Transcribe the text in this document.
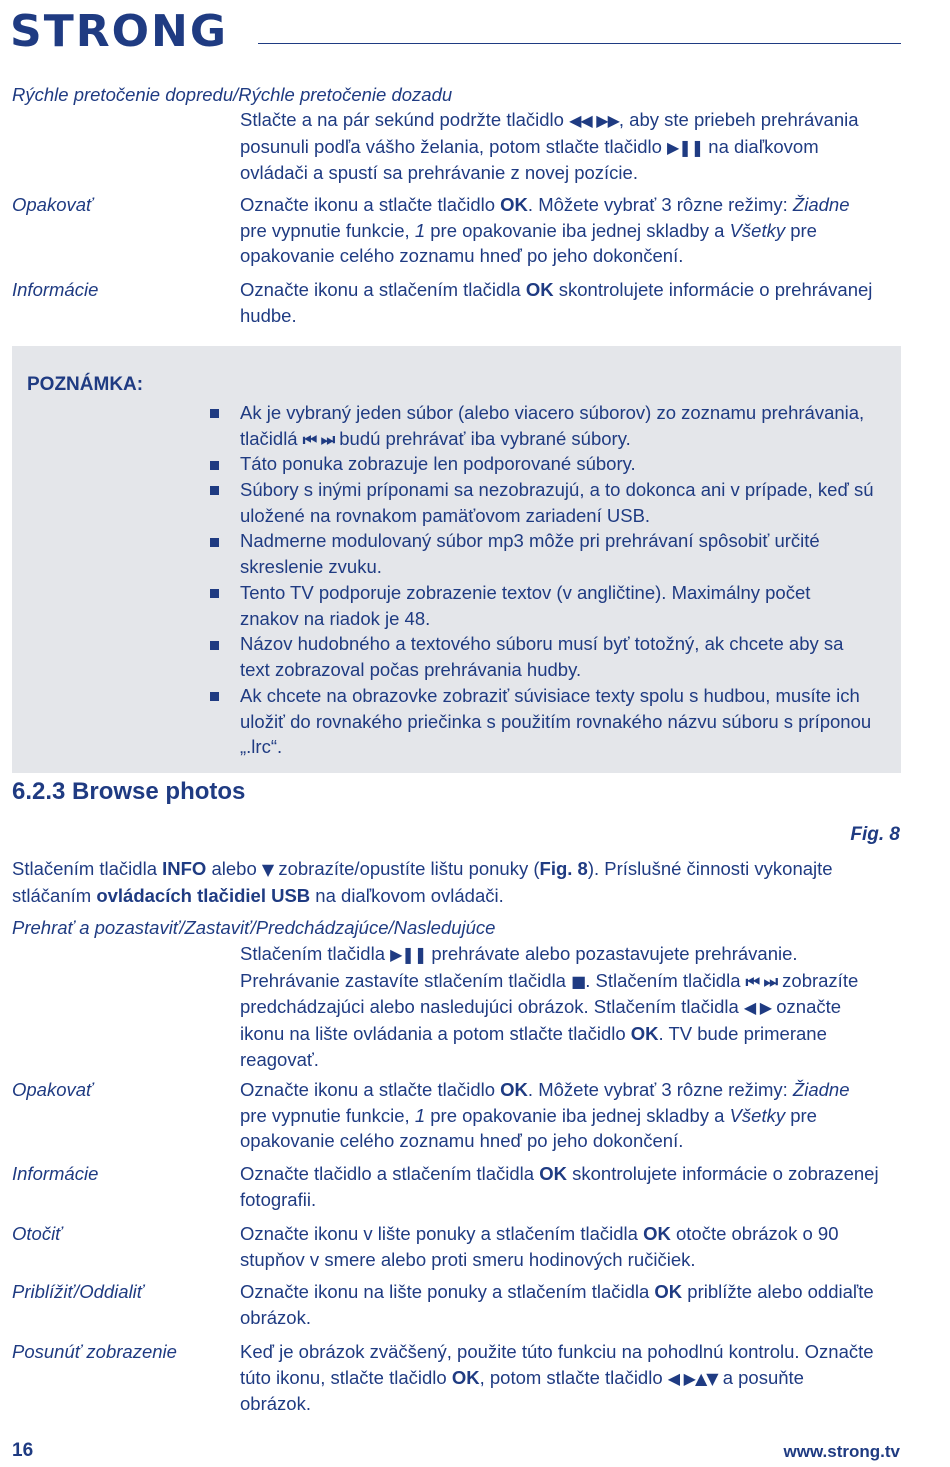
STRONG
Rýchle pretočenie dopredu/Rýchle pretočenie dozadu
Stlačte a na pár sekúnd podržte tlačidlo ◀◀ ▶▶, aby ste priebeh prehrávania
posunuli podľa vášho želania, potom stlačte tlačidlo ▶❚❚ na diaľkovom
ovládači a spustí sa prehrávanie z novej pozície.
Opakovať	Označte ikonu a stlačte tlačidlo OK. Môžete vybrať 3 rôzne režimy: Žiadne
pre vypnutie funkcie, 1 pre opakovanie iba jednej skladby a Všetky pre
opakovanie celého zoznamu hneď po jeho dokončení.
Informácie	Označte ikonu a stlačením tlačidla OK skontrolujete informácie o prehrávanej
hudbe.
POZNÁMKA:
Ak je vybraný jeden súbor (alebo viacero súborov) zo zoznamu prehrávania,
tlačidlá ⏮ ⏭ budú prehrávať iba vybrané súbory.
Táto ponuka zobrazuje len podporované súbory.
Súbory s inými príponami sa nezobrazujú, a to dokonca ani v prípade, keď sú
uložené na rovnakom pamäťovom zariadení USB.
Nadmerne modulovaný súbor mp3 môže pri prehrávaní spôsobiť určité
skreslenie zvuku.
Tento TV podporuje zobrazenie textov (v angličtine). Maximálny počet
znakov na riadok je 48.
Názov hudobného a textového súboru musí byť totožný, ak chcete aby sa
text zobrazoval počas prehrávania hudby.
Ak chcete na obrazovke zobraziť súvisiace texty spolu s hudbou, musíte ich
uložiť do rovnakého priečinka s použitím rovnakého názvu súboru s príponou
„.lrc“.
6.2.3 Browse photos
Fig. 8
Stlačením tlačidla INFO alebo ▼ zobrazíte/opustíte lištu ponuky (Fig. 8). Príslušné činnosti vykonajte
stláčaním ovládacích tlačidiel USB na diaľkovom ovládači.
Prehrať a pozastaviť/Zastaviť/Predchádzajúce/Nasledujúce
Stlačením tlačidla ▶❚❚ prehrávate alebo pozastavujete prehrávanie.
Prehrávanie zastavíte stlačením tlačidla ■. Stlačením tlačidla ⏮ ⏭ zobrazíte
predchádzajúci alebo nasledujúci obrázok. Stlačením tlačidla ◀ ▶ označte
ikonu na lište ovládania a potom stlačte tlačidlo OK. TV bude primerane
reagovať.
Opakovať	Označte ikonu a stlačte tlačidlo OK. Môžete vybrať 3 rôzne režimy: Žiadne
pre vypnutie funkcie, 1 pre opakovanie iba jednej skladby a Všetky pre
opakovanie celého zoznamu hneď po jeho dokončení.
Informácie	Označte tlačidlo a stlačením tlačidla OK skontrolujete informácie o zobrazenej
fotografii.
Otočiť	Označte ikonu v lište ponuky a stlačením tlačidla OK otočte obrázok o 90
stupňov v smere alebo proti smeru hodinových ručičiek.
Priblížiť/Oddialiť	Označte ikonu na lište ponuky a stlačením tlačidla OK priblížte alebo oddiaľte
obrázok.
Posunúť zobrazenie	Keď je obrázok zväčšený, použite túto funkciu na pohodlnú kontrolu. Označte
túto ikonu, stlačte tlačidlo OK, potom stlačte tlačidlo ◀ ▶▲▼ a posuňte
obrázok.
16	www.strong.tv
